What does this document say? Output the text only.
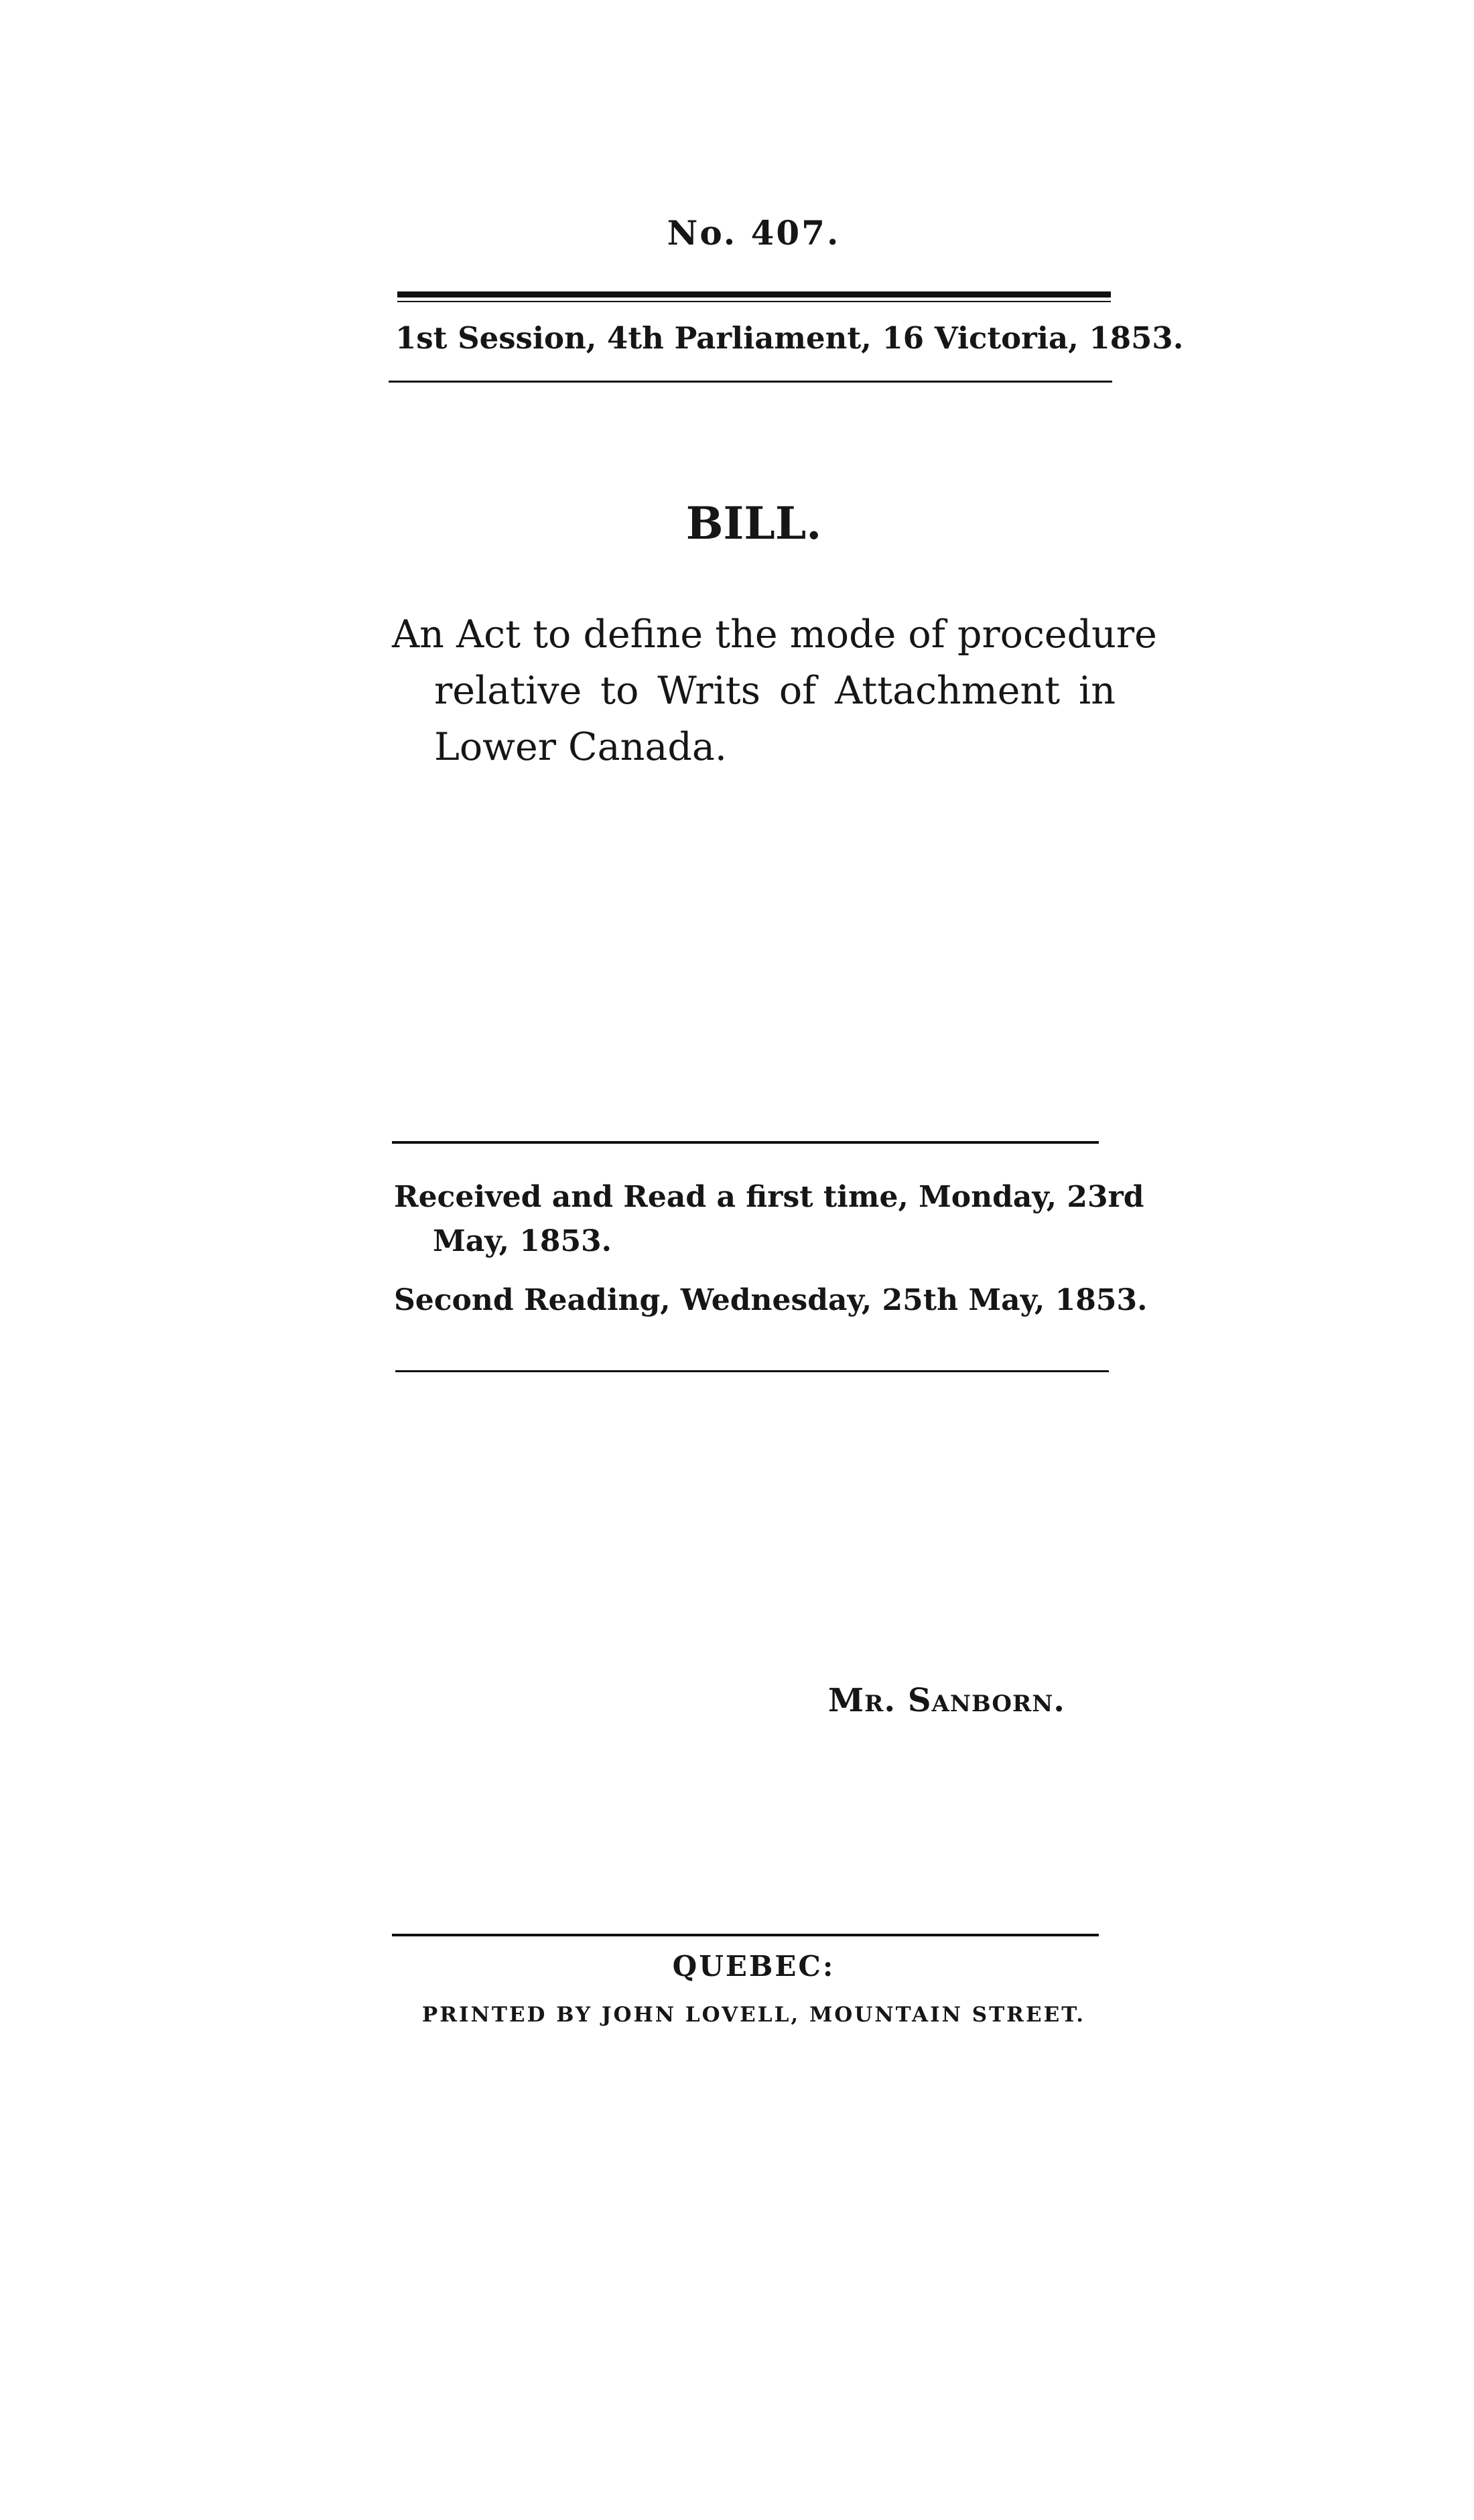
No. 407.
1st Session, 4th Parliament, 16 Victoria, 1853.
BILL.
An Act to define the mode of procedure
relative to Writs of Attachment in
Lower Canada.
Received and Read a first time, Monday, 23rd
May, 1853.
Second Reading, Wednesday, 25th May, 1853.
Mr. Sanborn.
QUEBEC:
PRINTED BY JOHN LOVELL, MOUNTAIN STREET.
